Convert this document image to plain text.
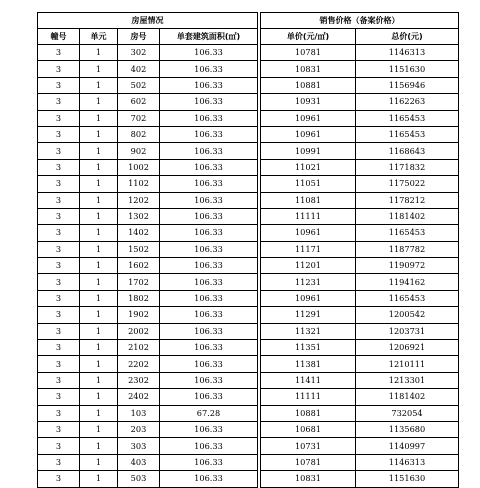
房屋情况					销售价格（备案价格）	
幢号	单元	房号	单套建筑面积(㎡)		单价(元/㎡)	总价(元)
3	1	302	106.33		10781	1146313
3	1	402	106.33		10831	1151630
3	1	502	106.33		10881	1156946
3	1	602	106.33		10931	1162263
3	1	702	106.33		10961	1165453
3	1	802	106.33		10961	1165453
3	1	902	106.33		10991	1168643
3	1	1002	106.33		11021	1171832
3	1	1102	106.33		11051	1175022
3	1	1202	106.33		11081	1178212
3	1	1302	106.33		11111	1181402
3	1	1402	106.33		10961	1165453
3	1	1502	106.33		11171	1187782
3	1	1602	106.33		11201	1190972
3	1	1702	106.33		11231	1194162
3	1	1802	106.33		10961	1165453
3	1	1902	106.33		11291	1200542
3	1	2002	106.33		11321	1203731
3	1	2102	106.33		11351	1206921
3	1	2202	106.33		11381	1210111
3	1	2302	106.33		11411	1213301
3	1	2402	106.33		11111	1181402
3	1	103	67.28		10881	732054
3	1	203	106.33		10681	1135680
3	1	303	106.33		10731	1140997
3	1	403	106.33		10781	1146313
3	1	503	106.33		10831	1151630
